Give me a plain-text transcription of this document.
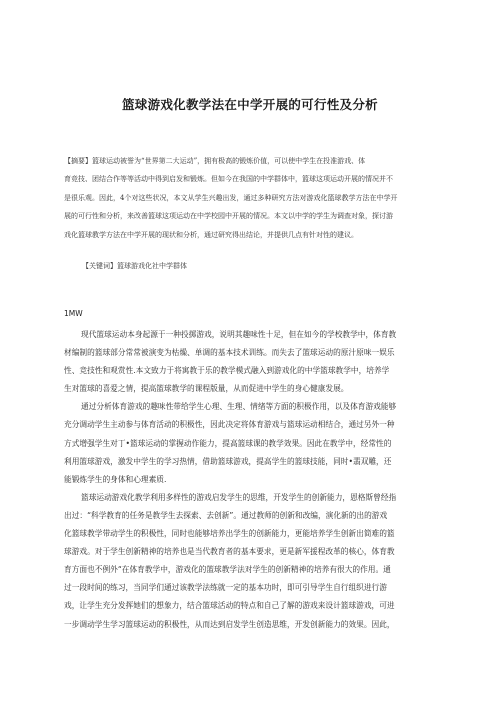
篮球游戏化教学法在中学开展的可行性及分析
【摘要】篮球运动被誉为“世界第二大运动”，拥有极高的锻炼价值，可以使中学生在投准游戏、体
育竞技、团结合作等等活动中得到启发和锻炼。但如今在我国的中学群体中，篮球这项运动开展的情况并不
是很乐观。因此，4个对这些状况，本文从学生兴趣出发，通过多种研究方法对游戏化篮球教学方法在中学开
展的可行性和分析，来改善篮球这项运动在中学校园中开展的情况。本文以中学的学生为调查对象，探讨游
戏化篮球教学方法在中学开展的现状和分析，通过研究得出结论，并提供几点有针对性的建议。
【关键词】篮球游戏化社中学群体
1MW
现代篮球运动本身起源于一种投掷游戏，说明其趣味性十足，但在如今的学校教学中，体育教
材编制的篮球部分常常被演变为枯燥、单调的基本技术训练。而失去了篮球运动的原汁原味一娱乐
性、竞技性和观赏性.本文致力于将寓教于乐的教学模式融入到游戏化的中学篮球教学中，培养学
生对篮球的喜爱之情，提高篮球教学的课程版量，从而促进中学生的身心健康发展。
通过分析体育游戏的趣味性带给学生心理、生理、情绪等方面的积极作用，以及体育游戏能够
充分调动学生主动参与体育活动的积极性，因此决定将体育游戏与篮球运动相结合，通过另外一种
方式增强学生对丁•篮球运动的掌握动作能力，提高篮球课的教学效果。因此在教学中，经常性的
利用篮球游戏，激发中学生的学习热情，借助篮球游戏，提高学生的篮球技能，同时•翡双雕，还
能锻炼学生的身体和心理素质.
篮球运动游戏化教学利用多样性的游戏启发学生的思维，开发学生的创新能力，恩格斯曾经指
出过：“科学教育的任务是教学生去探索、去创新”。通过教师的创新和改编，演化新的出的游戏
化篮球教学带动学生的积极性，同时也能够培养出学生的创新能力，更能培养学生创新出简难的篮
球游戏。对于学生创新精神的培养也是当代教育者的基本要求，更是新军援程改革的核心，体育教
育方面也不例外“在体育教学中，游戏化的篮球教学法对学生的创新精神的培养有很大的作用。通
过一段时间的练习，当同学们通过该教学法练就一定的基本功时，即可引导学生自行组织进行游
戏，让学生充分发挥她们的想象力，结合篮球活动的特点和自己了解的游戏来设计篮球游戏，可进
一步调动学生学习篮球运动的积极性，从而达到启发学生创造思维，开发创新能力的效果。因此，
